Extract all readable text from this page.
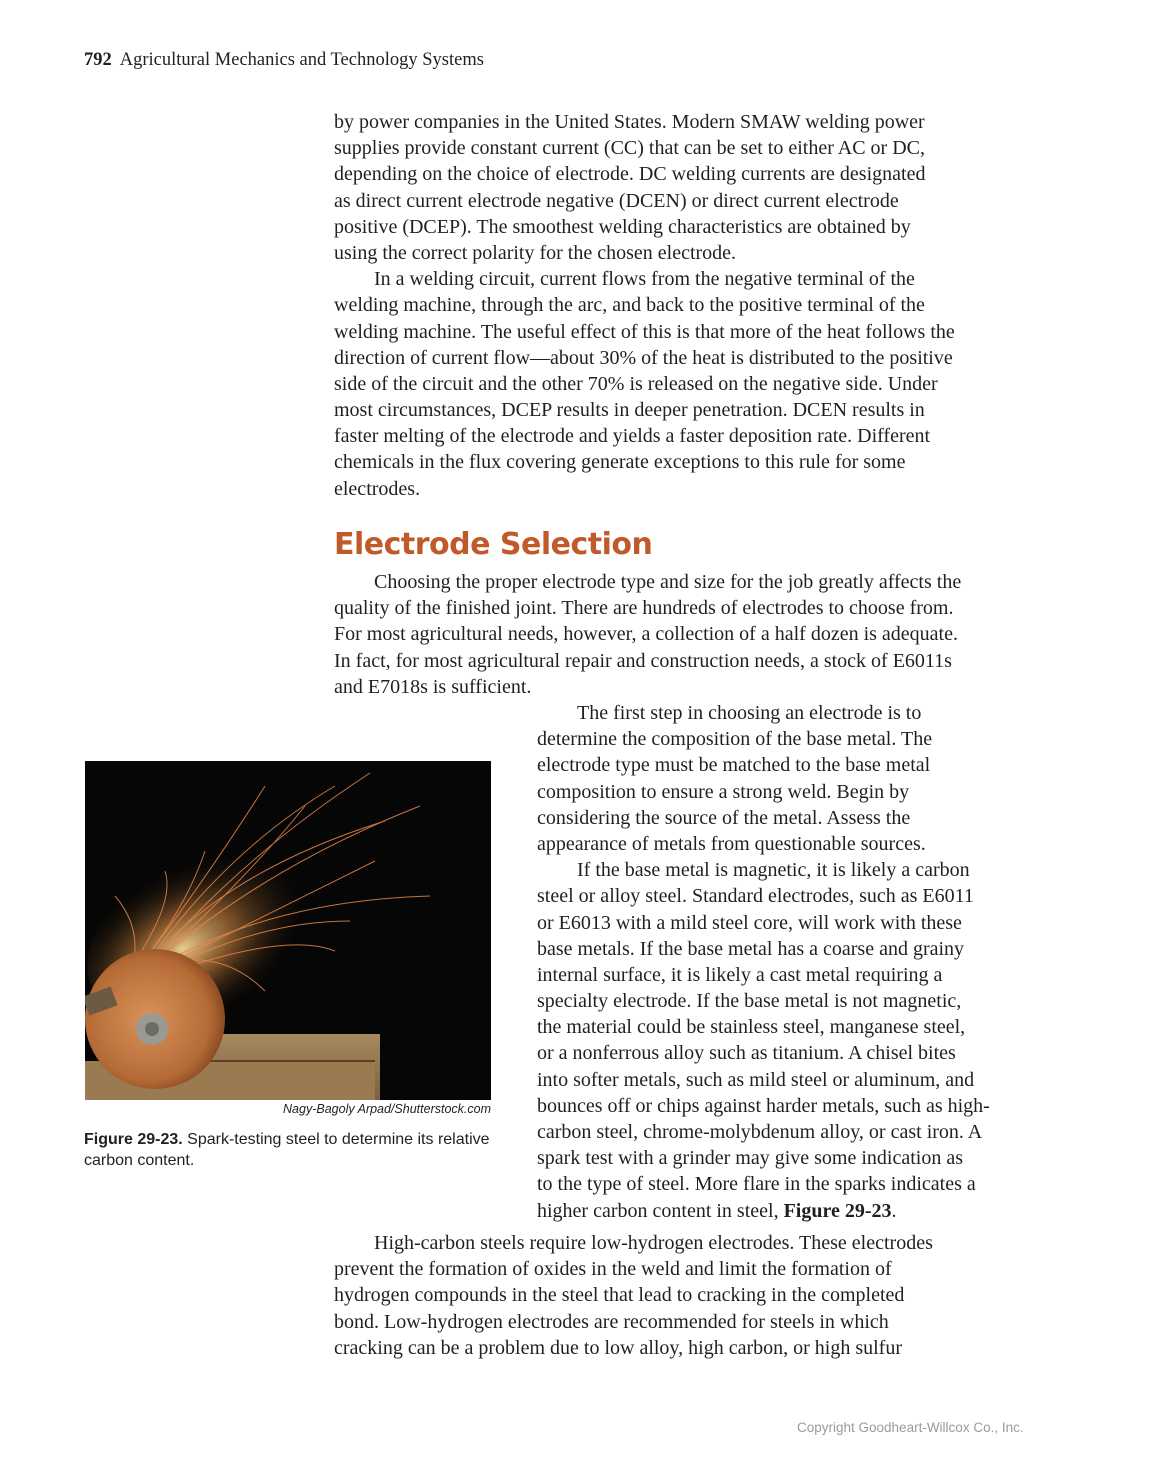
792 Agricultural Mechanics and Technology Systems
by power companies in the United States. Modern SMAW welding power
supplies provide constant current (CC) that can be set to either AC or DC,
depending on the choice of electrode. DC welding currents are designated
as direct current electrode negative (DCEN) or direct current electrode
positive (DCEP). The smoothest welding characteristics are obtained by
using the correct polarity for the chosen electrode.
In a welding circuit, current flows from the negative terminal of the
welding machine, through the arc, and back to the positive terminal of the
welding machine. The useful effect of this is that more of the heat follows the
direction of current flow—about 30% of the heat is distributed to the positive
side of the circuit and the other 70% is released on the negative side. Under
most circumstances, DCEP results in deeper penetration. DCEN results in
faster melting of the electrode and yields a faster deposition rate. Different
chemicals in the flux covering generate exceptions to this rule for some
electrodes.
Electrode Selection
Choosing the proper electrode type and size for the job greatly affects the
quality of the finished joint. There are hundreds of electrodes to choose from.
For most agricultural needs, however, a collection of a half dozen is adequate.
In fact, for most agricultural repair and construction needs, a stock of E6011s
and E7018s is sufficient.
The first step in choosing an electrode is to
determine the composition of the base metal. The
electrode type must be matched to the base metal
composition to ensure a strong weld. Begin by
considering the source of the metal. Assess the
appearance of metals from questionable sources.
If the base metal is magnetic, it is likely a carbon
steel or alloy steel. Standard electrodes, such as E6011
or E6013 with a mild steel core, will work with these
base metals. If the base metal has a coarse and grainy
internal surface, it is likely a cast metal requiring a
specialty electrode. If the base metal is not magnetic,
the material could be stainless steel, manganese steel,
or a nonferrous alloy such as titanium. A chisel bites
into softer metals, such as mild steel or aluminum, and
bounces off or chips against harder metals, such as high-
carbon steel, chrome-molybdenum alloy, or cast iron. A
spark test with a grinder may give some indication as
to the type of steel. More flare in the sparks indicates a
higher carbon content in steel, Figure 29-23.
High-carbon steels require low-hydrogen electrodes. These electrodes
prevent the formation of oxides in the weld and limit the formation of
hydrogen compounds in the steel that lead to cracking in the completed
bond. Low-hydrogen electrodes are recommended for steels in which
cracking can be a problem due to low alloy, high carbon, or high sulfur
Nagy-Bagoly Arpad/Shutterstock.com
Figure 29-23. Spark-testing steel to determine its relative carbon content.
Copyright Goodheart-Willcox Co., Inc.
